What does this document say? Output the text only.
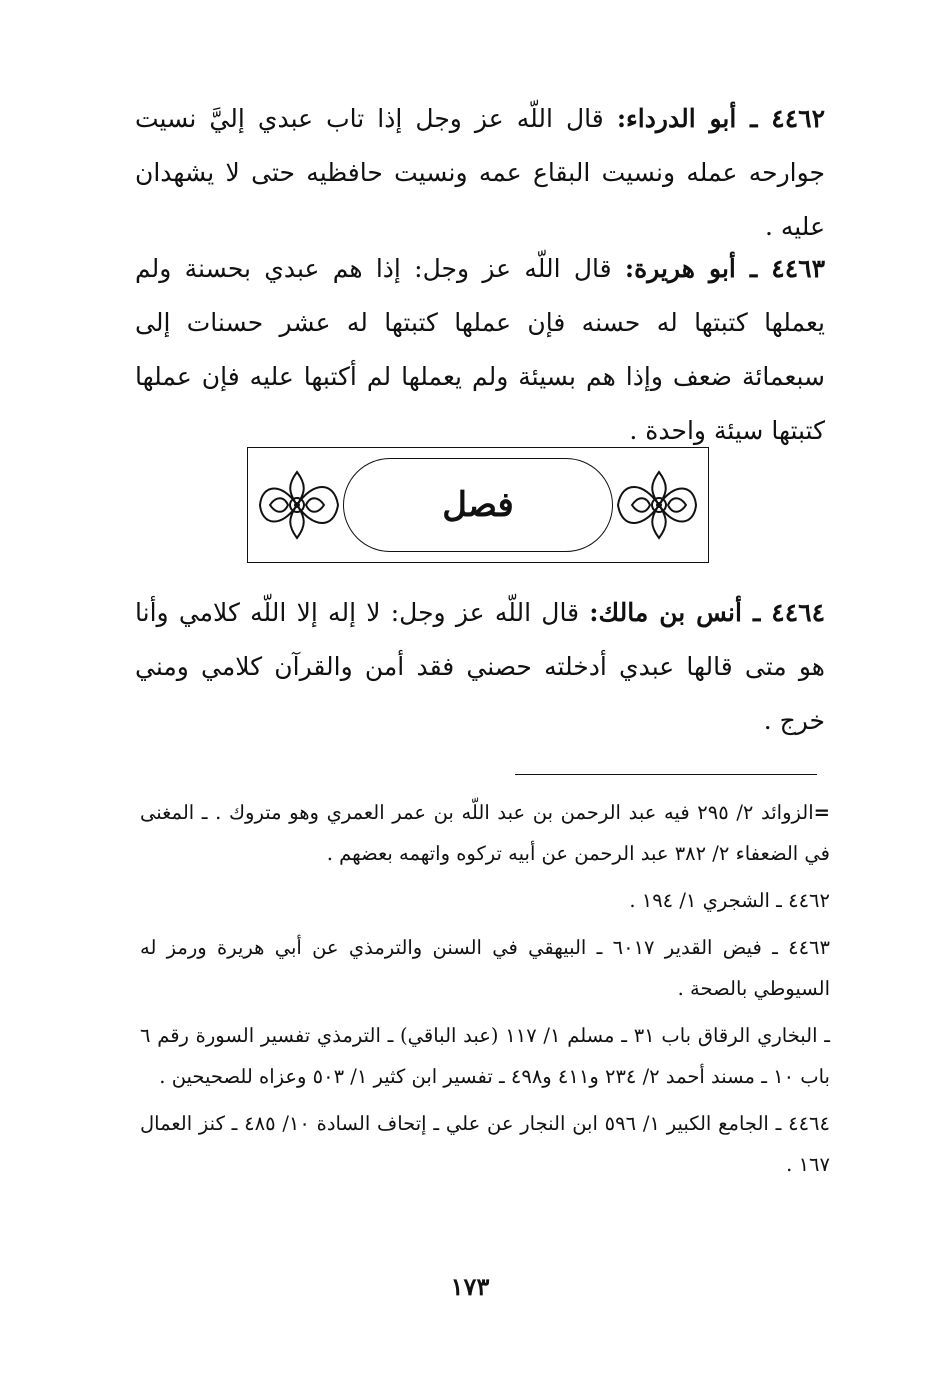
٤٤٦٢ ـ أبو الدرداء: قال اللّه عز وجل إذا تاب عبدي إليَّ نسيت جوارحه عمله ونسيت البقاع عمه ونسيت حافظيه حتى لا يشهدان عليه .

٤٤٦٣ ـ أبو هريرة: قال اللّه عز وجل: إذا هم عبدي بحسنة ولم يعملها كتبتها له حسنه فإن عملها كتبتها له عشر حسنات إلى سبعمائة ضعف وإذا هم بسيئة ولم يعملها لم أكتبها عليه فإن عملها كتبتها سيئة واحدة .

فصل

٤٤٦٤ ـ أنس بن مالك: قال اللّه عز وجل: لا إله إلا اللّه كلامي وأنا هو متى قالها عبدي أدخلته حصني فقد أمن والقرآن كلامي ومني خرج .

=الزوائد ٢/ ٢٩٥ فيه عبد الرحمن بن عبد اللّه بن عمر العمري وهو متروك . ـ المغنى في الضعفاء ٢/ ٣٨٢ عبد الرحمن عن أبيه تركوه واتهمه بعضهم .

٤٤٦٢ ـ الشجري ١/ ١٩٤ .

٤٤٦٣ ـ فيض القدير ٦٠١٧ ـ البيهقي في السنن والترمذي عن أبي هريرة ورمز له السيوطي بالصحة .

ـ البخاري الرقاق باب ٣١ ـ مسلم ١/ ١١٧ (عبد الباقي) ـ الترمذي تفسير السورة رقم ٦ باب ١٠ ـ مسند أحمد ٢/ ٢٣٤ و٤١١ و٤٩٨ ـ تفسير ابن كثير ١/ ٥٠٣ وعزاه للصحيحين .

٤٤٦٤ ـ الجامع الكبير ١/ ٥٩٦ ابن النجار عن علي ـ إتحاف السادة ١٠/ ٤٨٥ ـ كنز العمال ١٦٧ .

١٧٣
